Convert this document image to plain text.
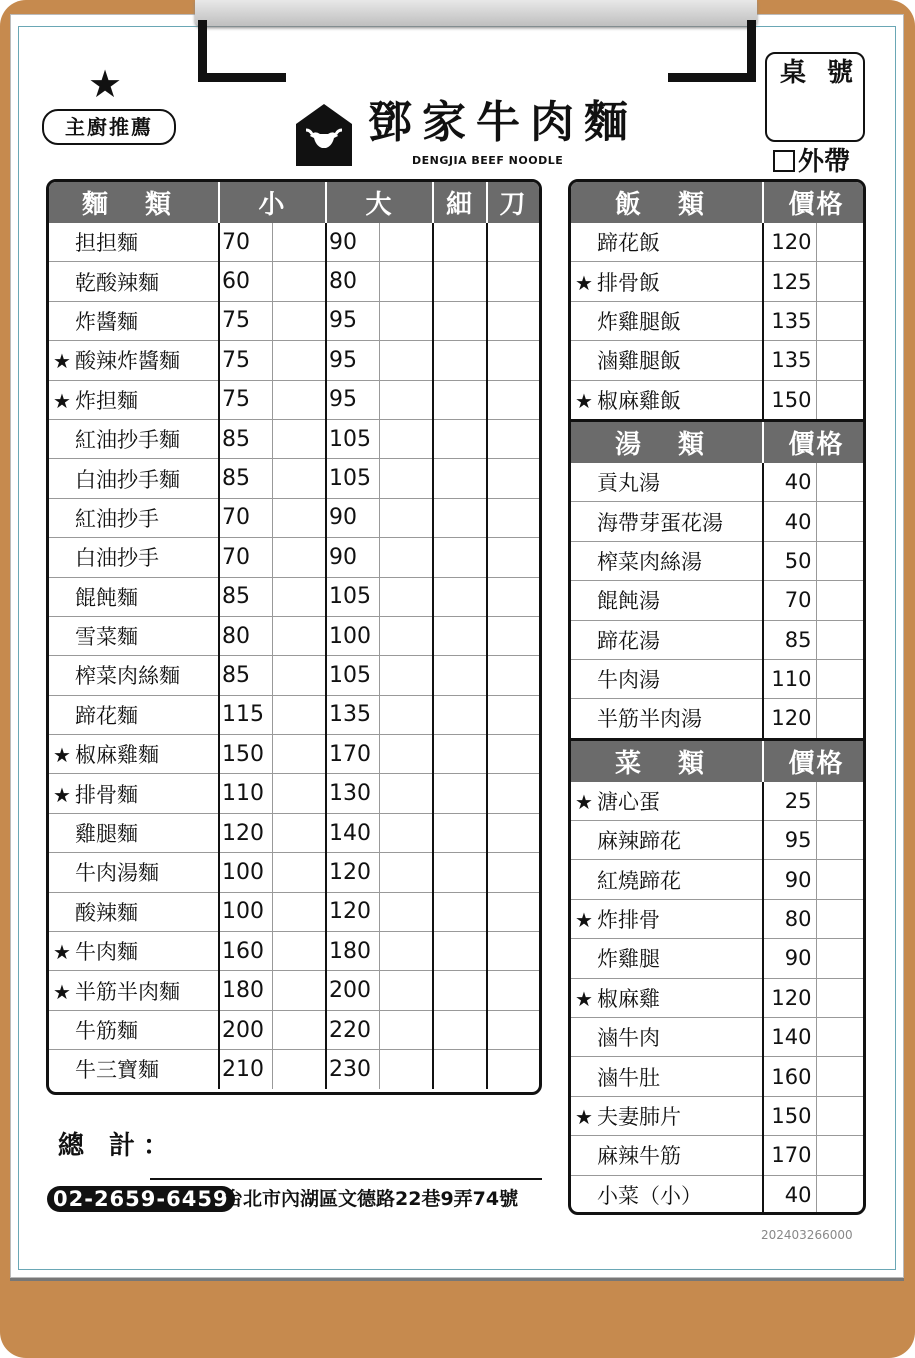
★
主廚推薦	鄧家牛肉麵
DENGJIA BEEF NOODLE
桌 號
外帶
麵 類	小		大		細	刀
担担麵	70		90			
乾酸辣麵	60		80			
炸醬麵	75		95			
★ 酸辣炸醬麵	75		95			
★ 炸担麵	75		95			
紅油抄手麵	85		105			
白油抄手麵	85		105			
紅油抄手	70		90			
白油抄手	70		90			
餛飩麵	85		105			
雪菜麵	80		100			
榨菜肉絲麵	85		105			
蹄花麵	115		135			
★ 椒麻雞麵	150		170			
★ 排骨麵	110		130			
雞腿麵	120		140			
牛肉湯麵	100		120			
酸辣麵	100		120			
★ 牛肉麵	160		180			
★ 半筋半肉麵	180		200			
牛筋麵	200		220			
牛三寶麵	210		230			
飯 類	價格	
蹄花飯	120	
★ 排骨飯	125	
炸雞腿飯	135	
滷雞腿飯	135	
★ 椒麻雞飯	150	
湯 類	價格	
貢丸湯	40	
海帶芽蛋花湯	40	
榨菜肉絲湯	50	
餛飩湯	70	
蹄花湯	85	
牛肉湯	110	
半筋半肉湯	120	
菜 類	價格	
★ 溏心蛋	25	
麻辣蹄花	95	
紅燒蹄花	90	
★ 炸排骨	80	
炸雞腿	90	
★ 椒麻雞	120	
滷牛肉	140	
滷牛肚	160	
★ 夫妻肺片	150	
麻辣牛筋	170	
小菜（小）	40	
總 計：
02-2659-6459
台北市內湖區文德路22巷9弄74號
202403266000
